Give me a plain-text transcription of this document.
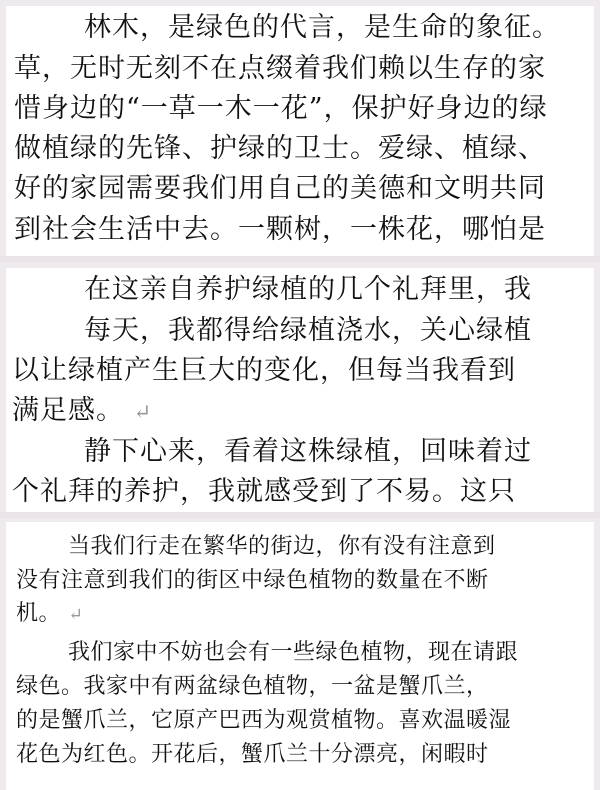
林木，是绿色的代言，是生命的象征。
草，无时无刻不在点缀着我们赖以生存的家
惜身边的“一草一木一花”，保护好身边的绿
做植绿的先锋、护绿的卫士。爱绿、植绿、
好的家园需要我们用自己的美德和文明共同
到社会生活中去。一颗树，一株花，哪怕是
在这亲自养护绿植的几个礼拜里，我
每天，我都得给绿植浇水，关心绿植
以让绿植产生巨大的变化，但每当我看到
满足感。 ↵
静下心来，看着这株绿植，回味着过
个礼拜的养护，我就感受到了不易。这只
当我们行走在繁华的街边，你有没有注意到
没有注意到我们的街区中绿色植物的数量在不断
机。 ↵
我们家中不妨也会有一些绿色植物，现在请跟
绿色。我家中有两盆绿色植物，一盆是蟹爪兰，
的是蟹爪兰，它原产巴西为观赏植物。喜欢温暖湿
花色为红色。开花后，蟹爪兰十分漂亮，闲暇时
